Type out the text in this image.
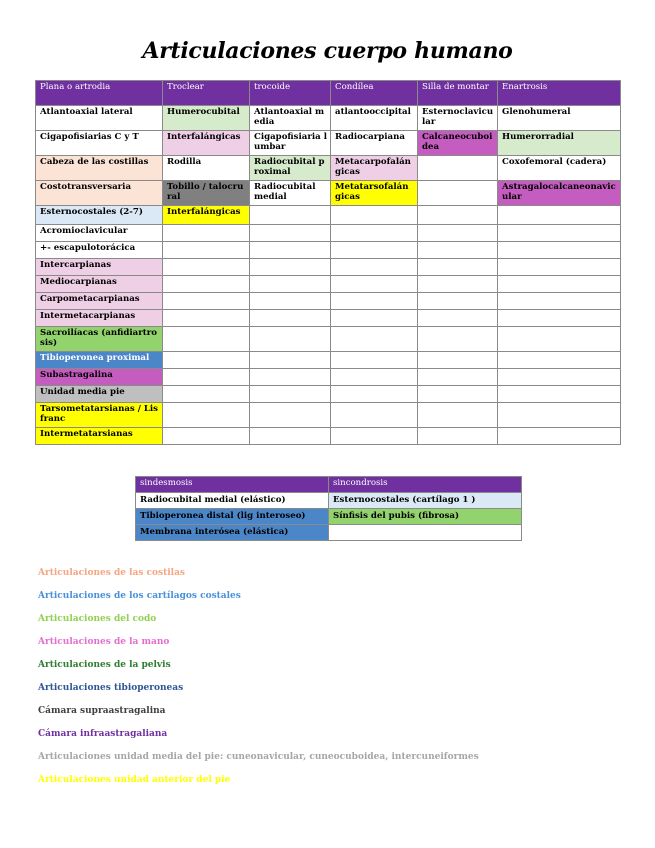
Articulaciones cuerpo humano
Plana o artrodia	Troclear	trocoide	Condílea	Silla de montar	Enartrosis
Atlantoaxial lateral	Humerocubital	Atlantoaxial media	atlantooccipital	Esternoclavicular	Glenohumeral
Cigapofisiarias C y T	Interfalángicas	Cigapofisiaria lumbar	Radiocarpiana	Calcaneocuboidea	Humerorradial
Cabeza de las costillas	Rodilla	Radiocubital proximal	Metacarpofalángicas		Coxofemoral (cadera)
Costotransversaria	Tobillo / talocrural	Radiocubital medial	Metatarsofalángicas		Astragalocalcaneonavicular
Esternocostales (2-7)	Interfalángicas				
Acromioclavicular					
+- escapulotorácica					
Intercarpianas					
Mediocarpianas					
Carpometacarpianas					
Intermetacarpianas					
Sacroilíacas (anfidiartrosis)					
Tibioperonea proximal					
Subastragalina					
Unidad media pie					
Tarsometatarsianas / Lisfranc					
Intermetatarsianas					
sindesmosis	sincondrosis
Radiocubital medial (elástico)	Esternocostales (cartílago 1 )
Tibioperonea distal (lig interoseo)	Sínfisis del pubis (fibrosa)
Membrana interósea (elástica)	
Articulaciones de las costilas
Articulaciones de los cartílagos costales
Articulaciones del codo
Articulaciones de la mano
Articulaciones de la pelvis
Articulaciones tibioperoneas
Cámara supraastragalina
Cámara infraastragaliana
Articulaciones unidad media del pie: cuneonavicular, cuneocuboidea, intercuneiformes
Articulaciones unidad anterior del pie
